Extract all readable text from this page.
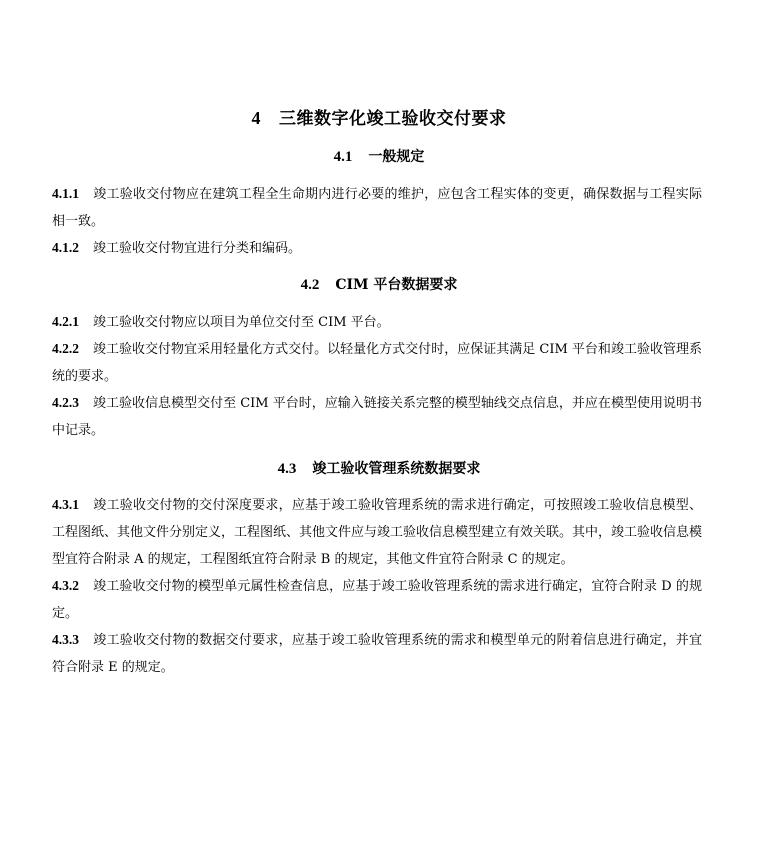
4 三维数字化竣工验收交付要求
4.1 一般规定
4.1.1 竣工验收交付物应在建筑工程全生命期内进行必要的维护，应包含工程实体的变更，确保数据与工程实际相一致。
4.1.2 竣工验收交付物宜进行分类和编码。
4.2 CIM 平台数据要求
4.2.1 竣工验收交付物应以项目为单位交付至 CIM 平台。
4.2.2 竣工验收交付物宜采用轻量化方式交付。以轻量化方式交付时，应保证其满足 CIM 平台和竣工验收管理系统的要求。
4.2.3 竣工验收信息模型交付至 CIM 平台时，应输入链接关系完整的模型轴线交点信息，并应在模型使用说明书中记录。
4.3 竣工验收管理系统数据要求
4.3.1 竣工验收交付物的交付深度要求，应基于竣工验收管理系统的需求进行确定，可按照竣工验收信息模型、工程图纸、其他文件分别定义，工程图纸、其他文件应与竣工验收信息模型建立有效关联。其中，竣工验收信息模型宜符合附录 A 的规定，工程图纸宜符合附录 B 的规定，其他文件宜符合附录 C 的规定。
4.3.2 竣工验收交付物的模型单元属性检查信息，应基于竣工验收管理系统的需求进行确定，宜符合附录 D 的规定。
4.3.3 竣工验收交付物的数据交付要求，应基于竣工验收管理系统的需求和模型单元的附着信息进行确定，并宜符合附录 E 的规定。
